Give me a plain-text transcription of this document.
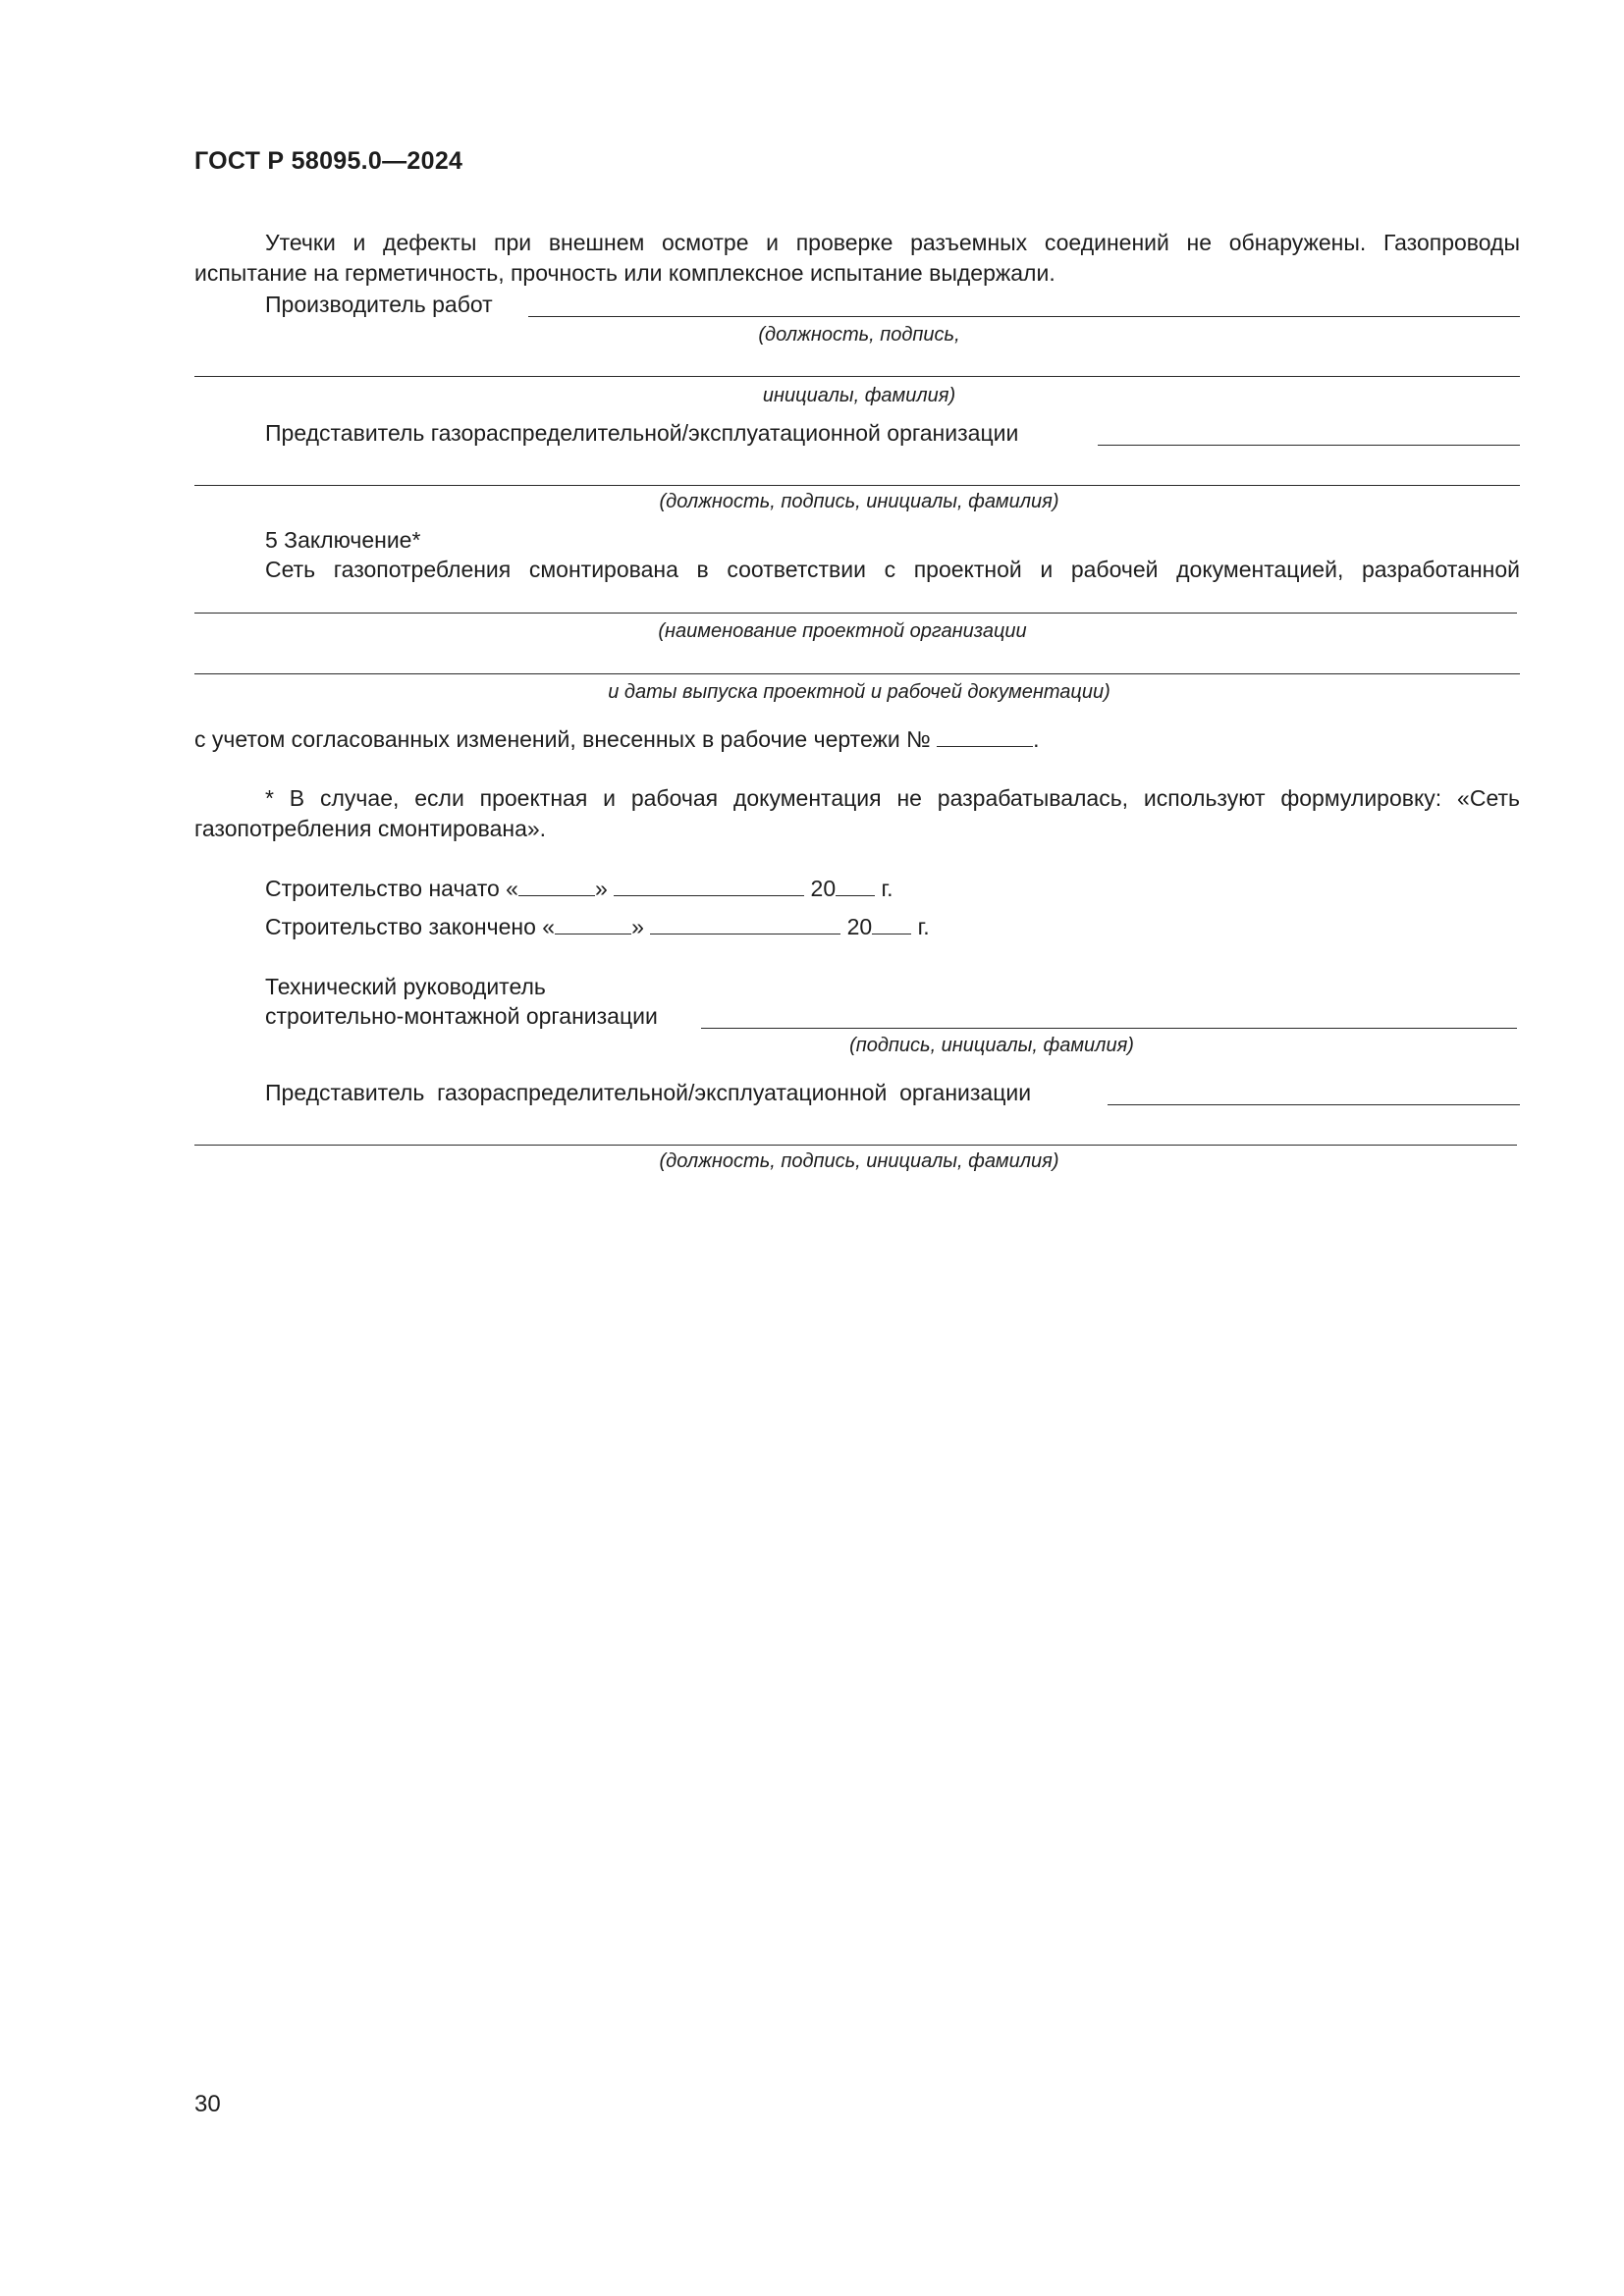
ГОСТ Р 58095.0—2024
Утечки и дефекты при внешнем осмотре и проверке разъемных соединений не обнаружены. Газопроводы
испытание на герметичность, прочность или комплексное испытание выдержали.
Производитель работ
(должность, подпись,
инициалы, фамилия)
Представитель газораспределительной/эксплуатационной организации
(должность, подпись, инициалы, фамилия)
5 Заключение*
Сеть газопотребления смонтирована в соответствии с проектной и рабочей документацией, разработанной
(наименование проектной организации
и даты выпуска проектной и рабочей документации)
с учетом согласованных изменений, внесенных в рабочие чертежи №	.
* В случае, если проектная и рабочая документация не разрабатывалась, используют формулировку: «Сеть
газопотребления смонтирована».
Строительство начато «	»	20 г.
Строительство закончено «	»	20 г.
Технический руководитель
строительно-монтажной организации
(подпись, инициалы, фамилия)
Представитель  газораспределительной/эксплуатационной  организации
(должность, подпись, инициалы, фамилия)
30
